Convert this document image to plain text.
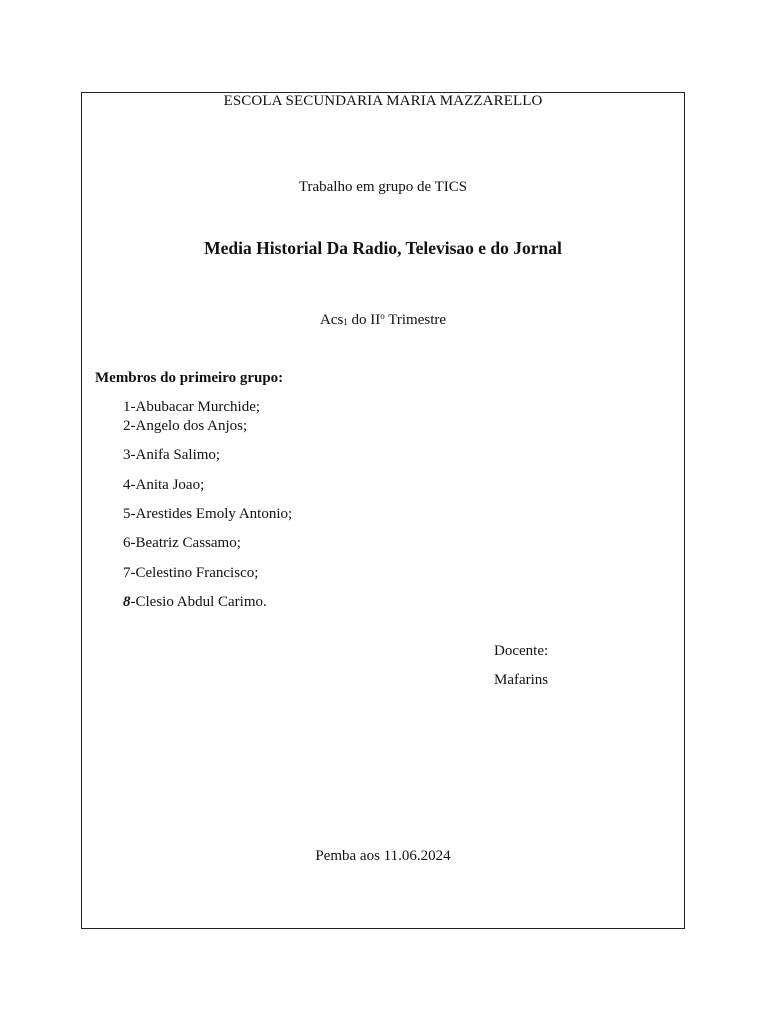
ESCOLA SECUNDARIA MARIA MAZZARELLO
Trabalho em grupo de TICS
Media Historial Da Radio, Televisao e do Jornal
Acs$_1$ do $II^o$ Trimestre
Membros do primeiro grupo:
1-Abubacar Murchide;
2-Angelo dos Anjos;
3-Anifa Salimo;
4-Anita Joao;
5-Arestides Emoly Antonio;
6-Beatriz Cassamo;
7-Celestino Francisco;
8-Clesio Abdul Carimo.
Docente:
Mafarins
Pemba aos 11.06.2024
